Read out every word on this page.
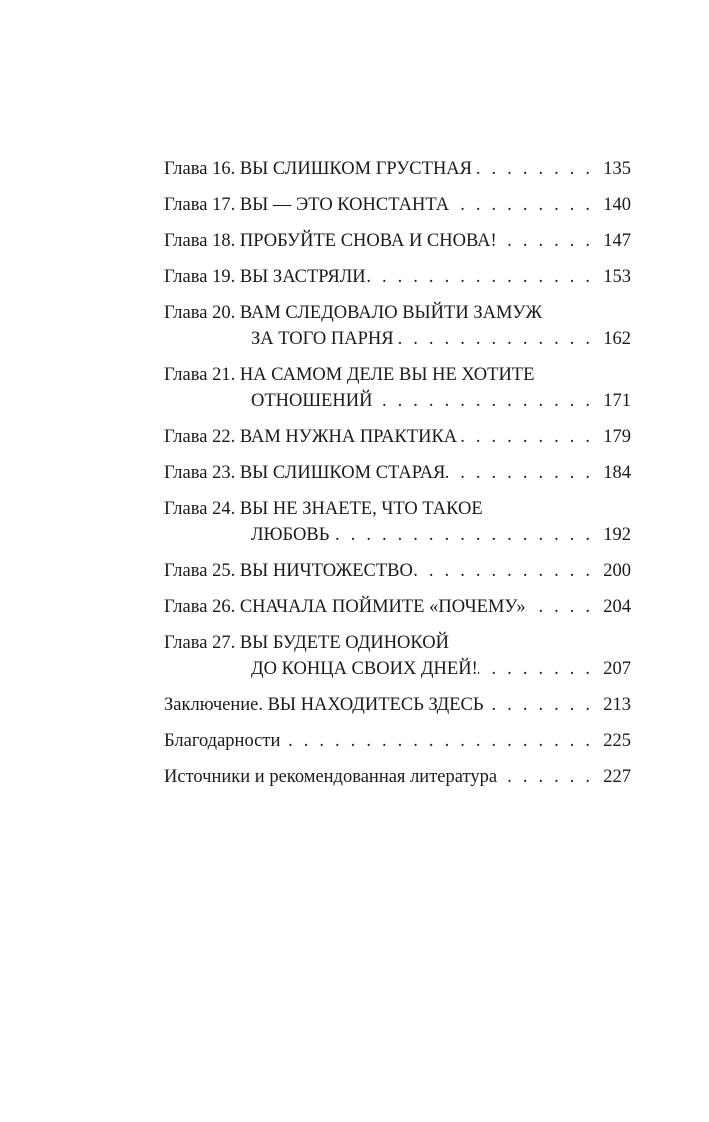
Глава 16. ВЫ СЛИШКОМ ГРУСТНАЯ . . .	135
Глава 17. ВЫ — ЭТО КОНСТАНТА . . .	140
Глава 18. ПРОБУЙТЕ СНОВА И СНОВА! . . .	147
Глава 19. ВЫ ЗАСТРЯЛИ . . .	153
Глава 20. ВАМ СЛЕДОВАЛО ВЫЙТИ ЗАМУЖ
ЗА ТОГО ПАРНЯ . . .	162
Глава 21. НА САМОМ ДЕЛЕ ВЫ НЕ ХОТИТЕ
ОТНОШЕНИЙ . . .	171
Глава 22. ВАМ НУЖНА ПРАКТИКА . . .	179
Глава 23. ВЫ СЛИШКОМ СТАРАЯ . . .	184
Глава 24. ВЫ НЕ ЗНАЕТЕ, ЧТО ТАКОЕ
ЛЮБОВЬ . . .	192
Глава 25. ВЫ НИЧТОЖЕСТВО . . .	200
Глава 26. СНАЧАЛА ПОЙМИТЕ «ПОЧЕМУ» . . .	204
Глава 27. ВЫ БУДЕТЕ ОДИНОКОЙ
ДО КОНЦА СВОИХ ДНЕЙ! . . .	207
Заключение. ВЫ НАХОДИТЕСЬ ЗДЕСЬ . . .	213
Благодарности . . .	225
Источники и рекомендованная литература . . .	227
